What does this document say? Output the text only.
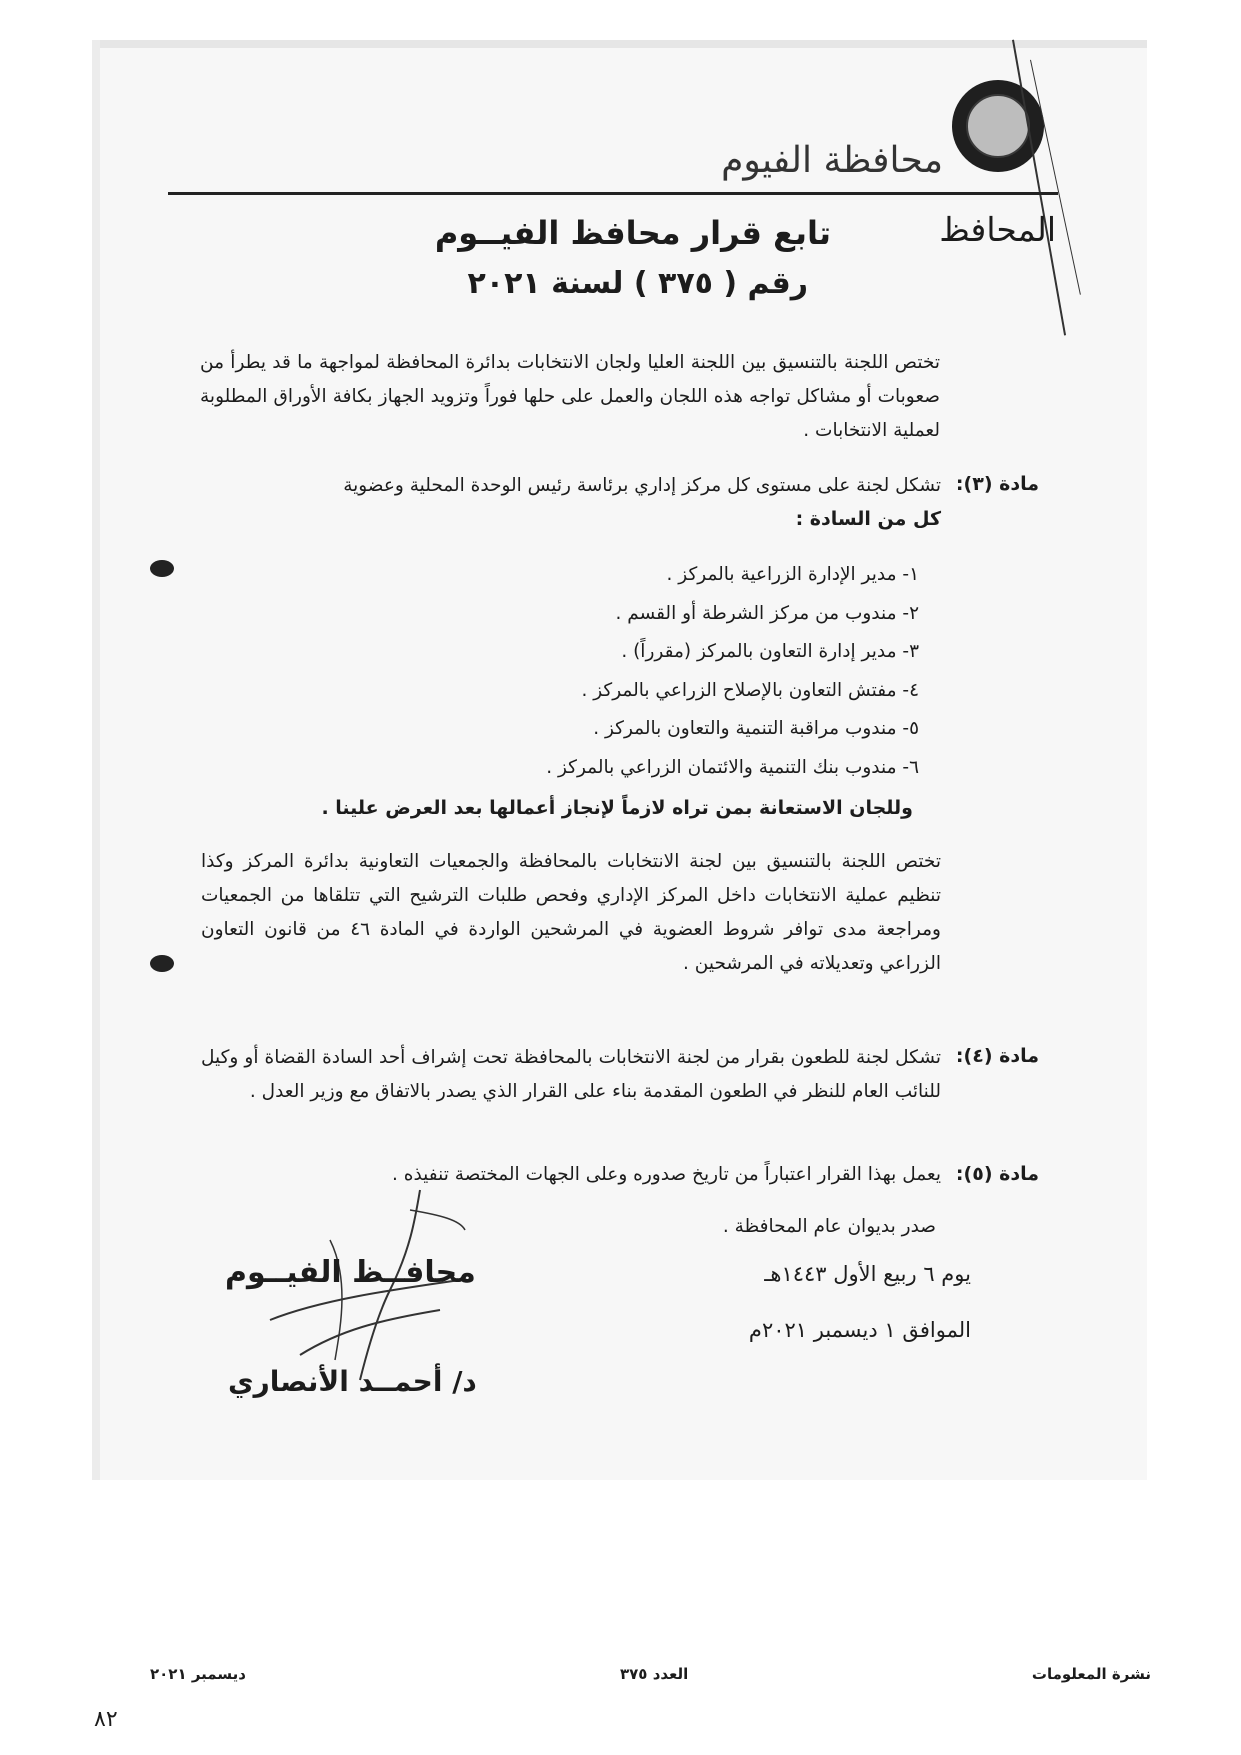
محافظة الفيوم
المحافظ
تابع قرار محافظ الفيــوم
رقم ( ٣٧٥ ) لسنة ٢٠٢١
تختص اللجنة بالتنسيق بين اللجنة العليا ولجان الانتخابات بدائرة المحافظة لمواجهة ما قد يطرأ من صعوبات أو مشاكل تواجه هذه اللجان والعمل على حلها فوراً وتزويد الجهاز بكافة الأوراق المطلوبة لعملية الانتخابات .
مادة (٣):
تشكل لجنة على مستوى كل مركز إداري برئاسة رئيس الوحدة المحلية وعضوية
كل من السادة :
١- مدير الإدارة الزراعية بالمركز .
٢- مندوب من مركز الشرطة أو القسم .
٣- مدير إدارة التعاون بالمركز (مقرراً) .
٤- مفتش التعاون بالإصلاح الزراعي بالمركز .
٥- مندوب مراقبة التنمية والتعاون بالمركز .
٦- مندوب بنك التنمية والائتمان الزراعي بالمركز .
وللجان الاستعانة بمن تراه لازماً لإنجاز أعمالها بعد العرض علينا .
تختص اللجنة بالتنسيق بين لجنة الانتخابات بالمحافظة والجمعيات التعاونية بدائرة المركز وكذا تنظيم عملية الانتخابات داخل المركز الإداري وفحص طلبات الترشيح التي تتلقاها من الجمعيات ومراجعة مدى توافر شروط العضوية في المرشحين الواردة في المادة ٤٦ من قانون التعاون الزراعي وتعديلاته في المرشحين .
مادة (٤):
تشكل لجنة للطعون بقرار من لجنة الانتخابات بالمحافظة تحت إشراف أحد السادة القضاة أو وكيل للنائب العام للنظر في الطعون المقدمة بناء على القرار الذي يصدر بالاتفاق مع وزير العدل .
مادة (٥):
يعمل بهذا القرار اعتباراً من تاريخ صدوره وعلى الجهات المختصة تنفيذه .
صدر بديوان عام المحافظة .
يوم ٦ ربيع الأول ١٤٤٣هـ
الموافق ١ ديسمبر ٢٠٢١م
محافــظ الفيــوم
د/ أحمــد الأنصاري
ديسمبر ٢٠٢١	العدد ٣٧٥	نشرة المعلومات
٨٢
